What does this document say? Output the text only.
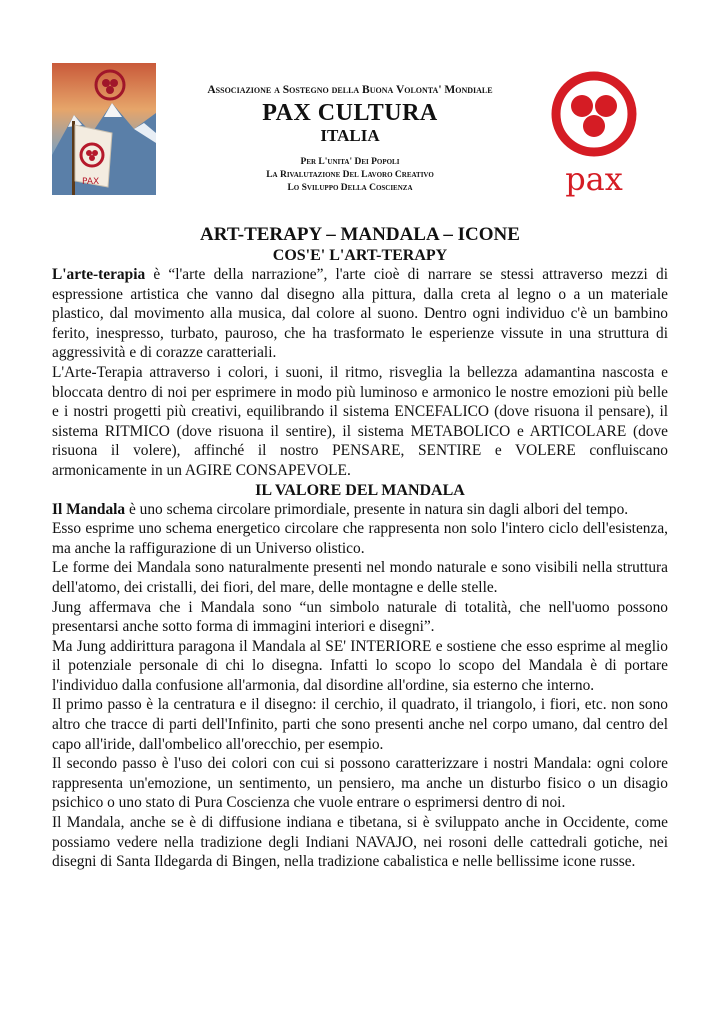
PAX
Associazione a Sostegno della Buona Volonta' Mondiale
PAX CULTURA
ITALIA
Per L'unita' Dei Popoli
La Rivalutazione Del Lavoro Creativo
Lo Sviluppo Della Coscienza	pax
ART-TERAPY – MANDALA – ICONE
COS'E' L'ART-TERAPY

L'arte-terapia è “l'arte della narrazione”, l'arte cioè di narrare se stessi attraverso mezzi di espressione artistica che vanno dal disegno alla pittura, dalla creta al legno o a un materiale plastico, dal movimento alla musica, dal colore al suono. Dentro ogni individuo c'è un bambino ferito, inespresso, turbato, pauroso, che ha trasformato le esperienze vissute in una struttura di aggressività e di corazze caratteriali.

L'Arte-Terapia attraverso i colori, i suoni, il ritmo, risveglia la bellezza adamantina nascosta e bloccata dentro di noi per esprimere in modo più luminoso e armonico le nostre emozioni più belle e i nostri progetti più creativi, equilibrando il sistema ENCEFALICO (dove risuona il pensare), il sistema RITMICO (dove risuona il sentire), il sistema METABOLICO e ARTICOLARE (dove risuona il volere), affinché il nostro PENSARE, SENTIRE e VOLERE confluiscano armonicamente in un AGIRE CONSAPEVOLE.

IL VALORE DEL MANDALA

Il Mandala è uno schema circolare primordiale, presente in natura sin dagli albori del tempo.

Esso esprime uno schema energetico circolare che rappresenta non solo l'intero ciclo dell'esistenza, ma anche la raffigurazione di un Universo olistico.

Le forme dei Mandala sono naturalmente presenti nel mondo naturale e sono visibili nella struttura dell'atomo, dei cristalli, dei fiori, del mare, delle montagne e delle stelle.

Jung affermava che i Mandala sono “un simbolo naturale di totalità, che nell'uomo possono presentarsi anche sotto forma di immagini interiori e disegni”.

Ma Jung addirittura paragona il Mandala al SE' INTERIORE e sostiene che esso esprime al meglio il potenziale personale di chi lo disegna. Infatti lo scopo lo scopo del Mandala è di portare l'individuo dalla confusione all'armonia, dal disordine all'ordine, sia esterno che interno.

Il primo passo è la centratura e il disegno: il cerchio, il quadrato, il triangolo, i fiori, etc. non sono altro che tracce di parti dell'Infinito, parti che sono presenti anche nel corpo umano, dal centro del capo all'iride, dall'ombelico all'orecchio, per esempio.

Il secondo passo è l'uso dei colori con cui si possono caratterizzare i nostri Mandala: ogni colore rappresenta un'emozione, un sentimento, un pensiero, ma anche un disturbo fisico o un disagio psichico o uno stato di Pura Coscienza che vuole entrare o esprimersi dentro di noi.

Il Mandala, anche se è di diffusione indiana e tibetana, si è sviluppato anche in Occidente, come possiamo vedere nella tradizione degli Indiani NAVAJO, nei rosoni delle cattedrali gotiche, nei disegni di Santa Ildegarda di Bingen, nella tradizione cabalistica e nelle bellissime icone russe.
